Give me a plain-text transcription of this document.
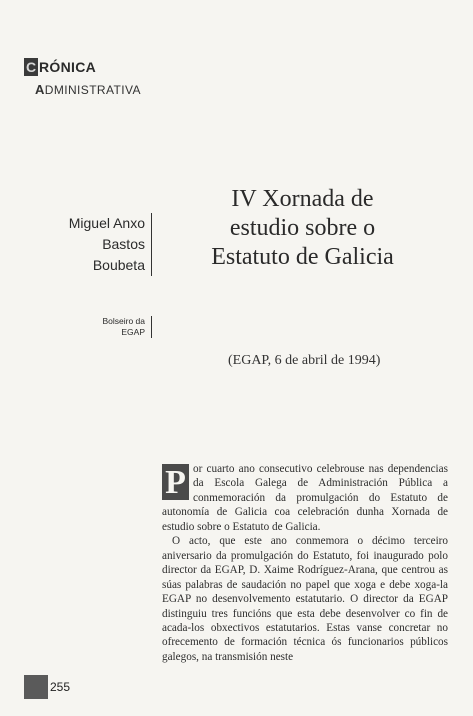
C RÓNICA
ADMINISTRATIVA
Miguel Anxo
Bastos
Boubeta
Bolseiro da
EGAP
IV Xornada de
estudio sobre o
Estatuto de Galicia
(EGAP, 6 de abril de 1994)

P or cuarto ano consecutivo celebrouse nas dependencias da Escola Galega de Administración Pública a conmemoración da promulgación do Estatuto de autonomía de Galicia coa celebración dunha Xornada de estudio sobre o Estatuto de Galicia.

O acto, que este ano conmemora o décimo terceiro aniversario da promulgación do Estatuto, foi inaugurado polo director da EGAP, D. Xaime Rodríguez-Arana, que centrou as súas palabras de saudación no papel que xoga e debe xoga-la EGAP no desenvolvemento estatutario. O director da EGAP distinguiu tres funcións que esta debe desenvolver co fin de acada-los obxectivos estatutarios. Estas vanse concretar no ofrecemento de formación técnica ós funcionarios públicos galegos, na transmisión neste

255
